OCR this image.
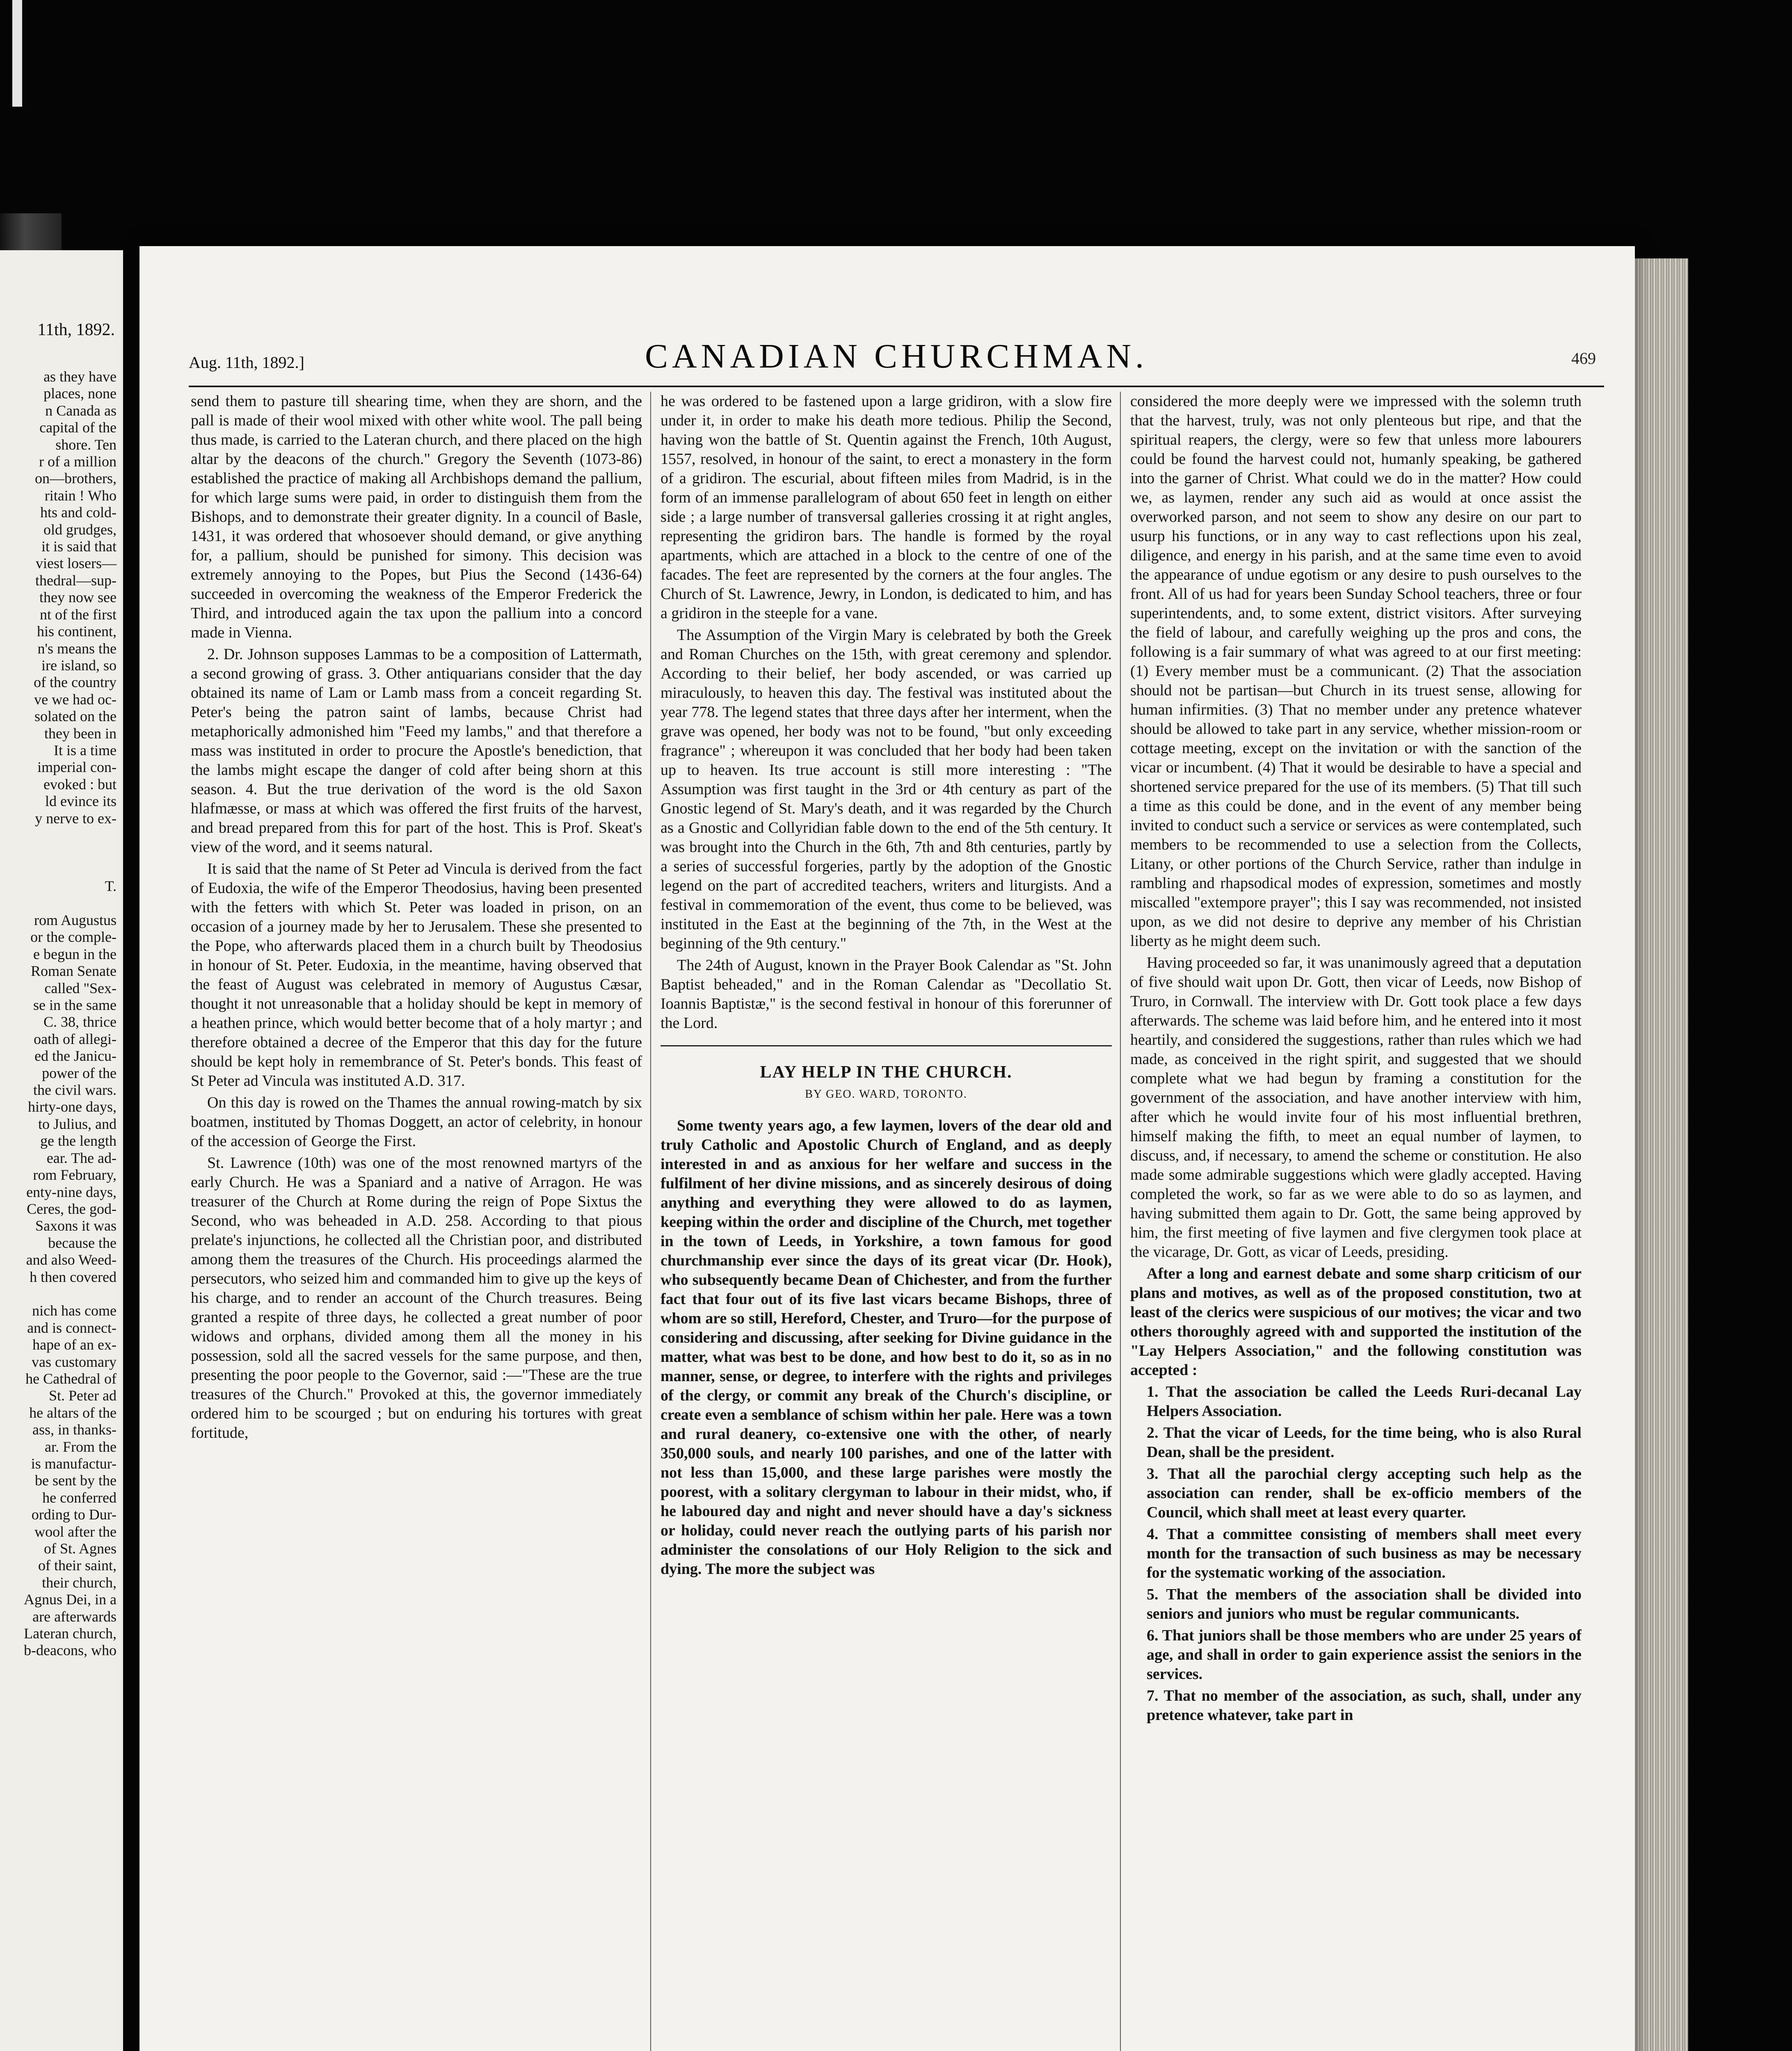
11th, 1892.
as they have
places, none
n Canada as
capital of the
shore. Ten
r of a million
on—brothers,
ritain ! Who
hts and cold-
old grudges,
it is said that
viest losers—
thedral—sup-
they now see
nt of the first
his continent,
n's means the
ire island, so
of the country
ve we had oc-
solated on the
they been in
It is a time
imperial con-
evoked : but
ld evince its
y nerve to ex-

T.

rom Augustus
or the comple-
e begun in the
Roman Senate
called "Sex-
se in the same
C. 38, thrice
oath of allegi-
ed the Janicu-
power of the
the civil wars.
hirty-one days,
to Julius, and
ge the length
ear. The ad-
rom February,
enty-nine days,
Ceres, the god-
Saxons it was
because the
and also Weed-
h then covered

nich has come
and is connect-
hape of an ex-
vas customary
he Cathedral of
St. Peter ad
he altars of the
ass, in thanks-
ar. From the
is manufactur-
be sent by the
he conferred
ording to Dur-
wool after the
of St. Agnes
of their saint,
their church,
Agnus Dei, in a
are afterwards
Lateran church,
b-deacons, who
Aug. 11th, 1892.]	CANADIAN CHURCHMAN.	469

send them to pasture till shearing time, when they are shorn, and the pall is made of their wool mixed with other white wool. The pall being thus made, is carried to the Lateran church, and there placed on the high altar by the deacons of the church." Gregory the Seventh (1073-86) established the practice of making all Archbishops demand the pallium, for which large sums were paid, in order to distinguish them from the Bishops, and to demonstrate their greater dignity. In a council of Basle, 1431, it was ordered that whosoever should demand, or give anything for, a pallium, should be punished for simony. This decision was extremely annoying to the Popes, but Pius the Second (1436-64) succeeded in overcoming the weakness of the Emperor Frederick the Third, and introduced again the tax upon the pallium into a concord made in Vienna.

2. Dr. Johnson supposes Lammas to be a composition of Lattermath, a second growing of grass. 3. Other antiquarians consider that the day obtained its name of Lam or Lamb mass from a conceit regarding St. Peter's being the patron saint of lambs, because Christ had metaphorically admonished him "Feed my lambs," and that therefore a mass was instituted in order to procure the Apostle's benediction, that the lambs might escape the danger of cold after being shorn at this season. 4. But the true derivation of the word is the old Saxon hlafmæsse, or mass at which was offered the first fruits of the harvest, and bread prepared from this for part of the host. This is Prof. Skeat's view of the word, and it seems natural.

It is said that the name of St Peter ad Vincula is derived from the fact of Eudoxia, the wife of the Emperor Theodosius, having been presented with the fetters with which St. Peter was loaded in prison, on an occasion of a journey made by her to Jerusalem. These she presented to the Pope, who afterwards placed them in a church built by Theodosius in honour of St. Peter. Eudoxia, in the meantime, having observed that the feast of August was celebrated in memory of Augustus Cæsar, thought it not unreasonable that a holiday should be kept in memory of a heathen prince, which would better become that of a holy martyr ; and therefore obtained a decree of the Emperor that this day for the future should be kept holy in remembrance of St. Peter's bonds. This feast of St Peter ad Vincula was instituted A.D. 317.

On this day is rowed on the Thames the annual rowing-match by six boatmen, instituted by Thomas Doggett, an actor of celebrity, in honour of the accession of George the First.

St. Lawrence (10th) was one of the most renowned martyrs of the early Church. He was a Spaniard and a native of Arragon. He was treasurer of the Church at Rome during the reign of Pope Sixtus the Second, who was beheaded in A.D. 258. According to that pious prelate's injunctions, he collected all the Christian poor, and distributed among them the treasures of the Church. His proceedings alarmed the persecutors, who seized him and commanded him to give up the keys of his charge, and to render an account of the Church treasures. Being granted a respite of three days, he collected a great number of poor widows and orphans, divided among them all the money in his possession, sold all the sacred vessels for the same purpose, and then, presenting the poor people to the Governor, said :—"These are the true treasures of the Church." Provoked at this, the governor immediately ordered him to be scourged ; but on enduring his tortures with great fortitude,

he was ordered to be fastened upon a large gridiron, with a slow fire under it, in order to make his death more tedious. Philip the Second, having won the battle of St. Quentin against the French, 10th August, 1557, resolved, in honour of the saint, to erect a monastery in the form of a gridiron. The escurial, about fifteen miles from Madrid, is in the form of an immense parallelogram of about 650 feet in length on either side ; a large number of transversal galleries crossing it at right angles, representing the gridiron bars. The handle is formed by the royal apartments, which are attached in a block to the centre of one of the facades. The feet are represented by the corners at the four angles. The Church of St. Lawrence, Jewry, in London, is dedicated to him, and has a gridiron in the steeple for a vane.

The Assumption of the Virgin Mary is celebrated by both the Greek and Roman Churches on the 15th, with great ceremony and splendor. According to their belief, her body ascended, or was carried up miraculously, to heaven this day. The festival was instituted about the year 778. The legend states that three days after her interment, when the grave was opened, her body was not to be found, "but only exceeding fragrance" ; whereupon it was concluded that her body had been taken up to heaven. Its true account is still more interesting : "The Assumption was first taught in the 3rd or 4th century as part of the Gnostic legend of St. Mary's death, and it was regarded by the Church as a Gnostic and Collyridian fable down to the end of the 5th century. It was brought into the Church in the 6th, 7th and 8th centuries, partly by a series of successful forgeries, partly by the adoption of the Gnostic legend on the part of accredited teachers, writers and liturgists. And a festival in commemoration of the event, thus come to be believed, was instituted in the East at the beginning of the 7th, in the West at the beginning of the 9th century."

The 24th of August, known in the Prayer Book Calendar as "St. John Baptist beheaded," and in the Roman Calendar as "Decollatio St. Ioannis Baptistæ," is the second festival in honour of this forerunner of the Lord.

LAY HELP IN THE CHURCH.
BY GEO. WARD, TORONTO.

Some twenty years ago, a few laymen, lovers of the dear old and truly Catholic and Apostolic Church of England, and as deeply interested in and as anxious for her welfare and success in the fulfilment of her divine missions, and as sincerely desirous of doing anything and everything they were allowed to do as laymen, keeping within the order and discipline of the Church, met together in the town of Leeds, in Yorkshire, a town famous for good churchmanship ever since the days of its great vicar (Dr. Hook), who subsequently became Dean of Chichester, and from the further fact that four out of its five last vicars became Bishops, three of whom are so still, Hereford, Chester, and Truro—for the purpose of considering and discussing, after seeking for Divine guidance in the matter, what was best to be done, and how best to do it, so as in no manner, sense, or degree, to interfere with the rights and privileges of the clergy, or commit any break of the Church's discipline, or create even a semblance of schism within her pale. Here was a town and rural deanery, co-extensive one with the other, of nearly 350,000 souls, and nearly 100 parishes, and one of the latter with not less than 15,000, and these large parishes were mostly the poorest, with a solitary clergyman to labour in their midst, who, if he laboured day and night and never should have a day's sickness or holiday, could never reach the outlying parts of his parish nor administer the consolations of our Holy Religion to the sick and dying. The more the subject was

considered the more deeply were we impressed with the solemn truth that the harvest, truly, was not only plenteous but ripe, and that the spiritual reapers, the clergy, were so few that unless more labourers could be found the harvest could not, humanly speaking, be gathered into the garner of Christ. What could we do in the matter? How could we, as laymen, render any such aid as would at once assist the overworked parson, and not seem to show any desire on our part to usurp his functions, or in any way to cast reflections upon his zeal, diligence, and energy in his parish, and at the same time even to avoid the appearance of undue egotism or any desire to push ourselves to the front. All of us had for years been Sunday School teachers, three or four superintendents, and, to some extent, district visitors. After surveying the field of labour, and carefully weighing up the pros and cons, the following is a fair summary of what was agreed to at our first meeting: (1) Every member must be a communicant. (2) That the association should not be partisan—but Church in its truest sense, allowing for human infirmities. (3) That no member under any pretence whatever should be allowed to take part in any service, whether mission-room or cottage meeting, except on the invitation or with the sanction of the vicar or incumbent. (4) That it would be desirable to have a special and shortened service prepared for the use of its members. (5) That till such a time as this could be done, and in the event of any member being invited to conduct such a service or services as were contemplated, such members to be recommended to use a selection from the Collects, Litany, or other portions of the Church Service, rather than indulge in rambling and rhapsodical modes of expression, sometimes and mostly miscalled "extempore prayer"; this I say was recommended, not insisted upon, as we did not desire to deprive any member of his Christian liberty as he might deem such.

Having proceeded so far, it was unanimously agreed that a deputation of five should wait upon Dr. Gott, then vicar of Leeds, now Bishop of Truro, in Cornwall. The interview with Dr. Gott took place a few days afterwards. The scheme was laid before him, and he entered into it most heartily, and considered the suggestions, rather than rules which we had made, as conceived in the right spirit, and suggested that we should complete what we had begun by framing a constitution for the government of the association, and have another interview with him, after which he would invite four of his most influential brethren, himself making the fifth, to meet an equal number of laymen, to discuss, and, if necessary, to amend the scheme or constitution. He also made some admirable suggestions which were gladly accepted. Having completed the work, so far as we were able to do so as laymen, and having submitted them again to Dr. Gott, the same being approved by him, the first meeting of five laymen and five clergymen took place at the vicarage, Dr. Gott, as vicar of Leeds, presiding.

After a long and earnest debate and some sharp criticism of our plans and motives, as well as of the proposed constitution, two at least of the clerics were suspicious of our motives; the vicar and two others thoroughly agreed with and supported the institution of the "Lay Helpers Association," and the following constitution was accepted :

1. That the association be called the Leeds Ruri-decanal Lay Helpers Association.

2. That the vicar of Leeds, for the time being, who is also Rural Dean, shall be the president.

3. That all the parochial clergy accepting such help as the association can render, shall be ex-officio members of the Council, which shall meet at least every quarter.

4. That a committee consisting of members shall meet every month for the transaction of such business as may be necessary for the systematic working of the association.

5. That the members of the association shall be divided into seniors and juniors who must be regular communicants.

6. That juniors shall be those members who are under 25 years of age, and shall in order to gain experience assist the seniors in the services.

7. That no member of the association, as such, shall, under any pretence whatever, take part in
